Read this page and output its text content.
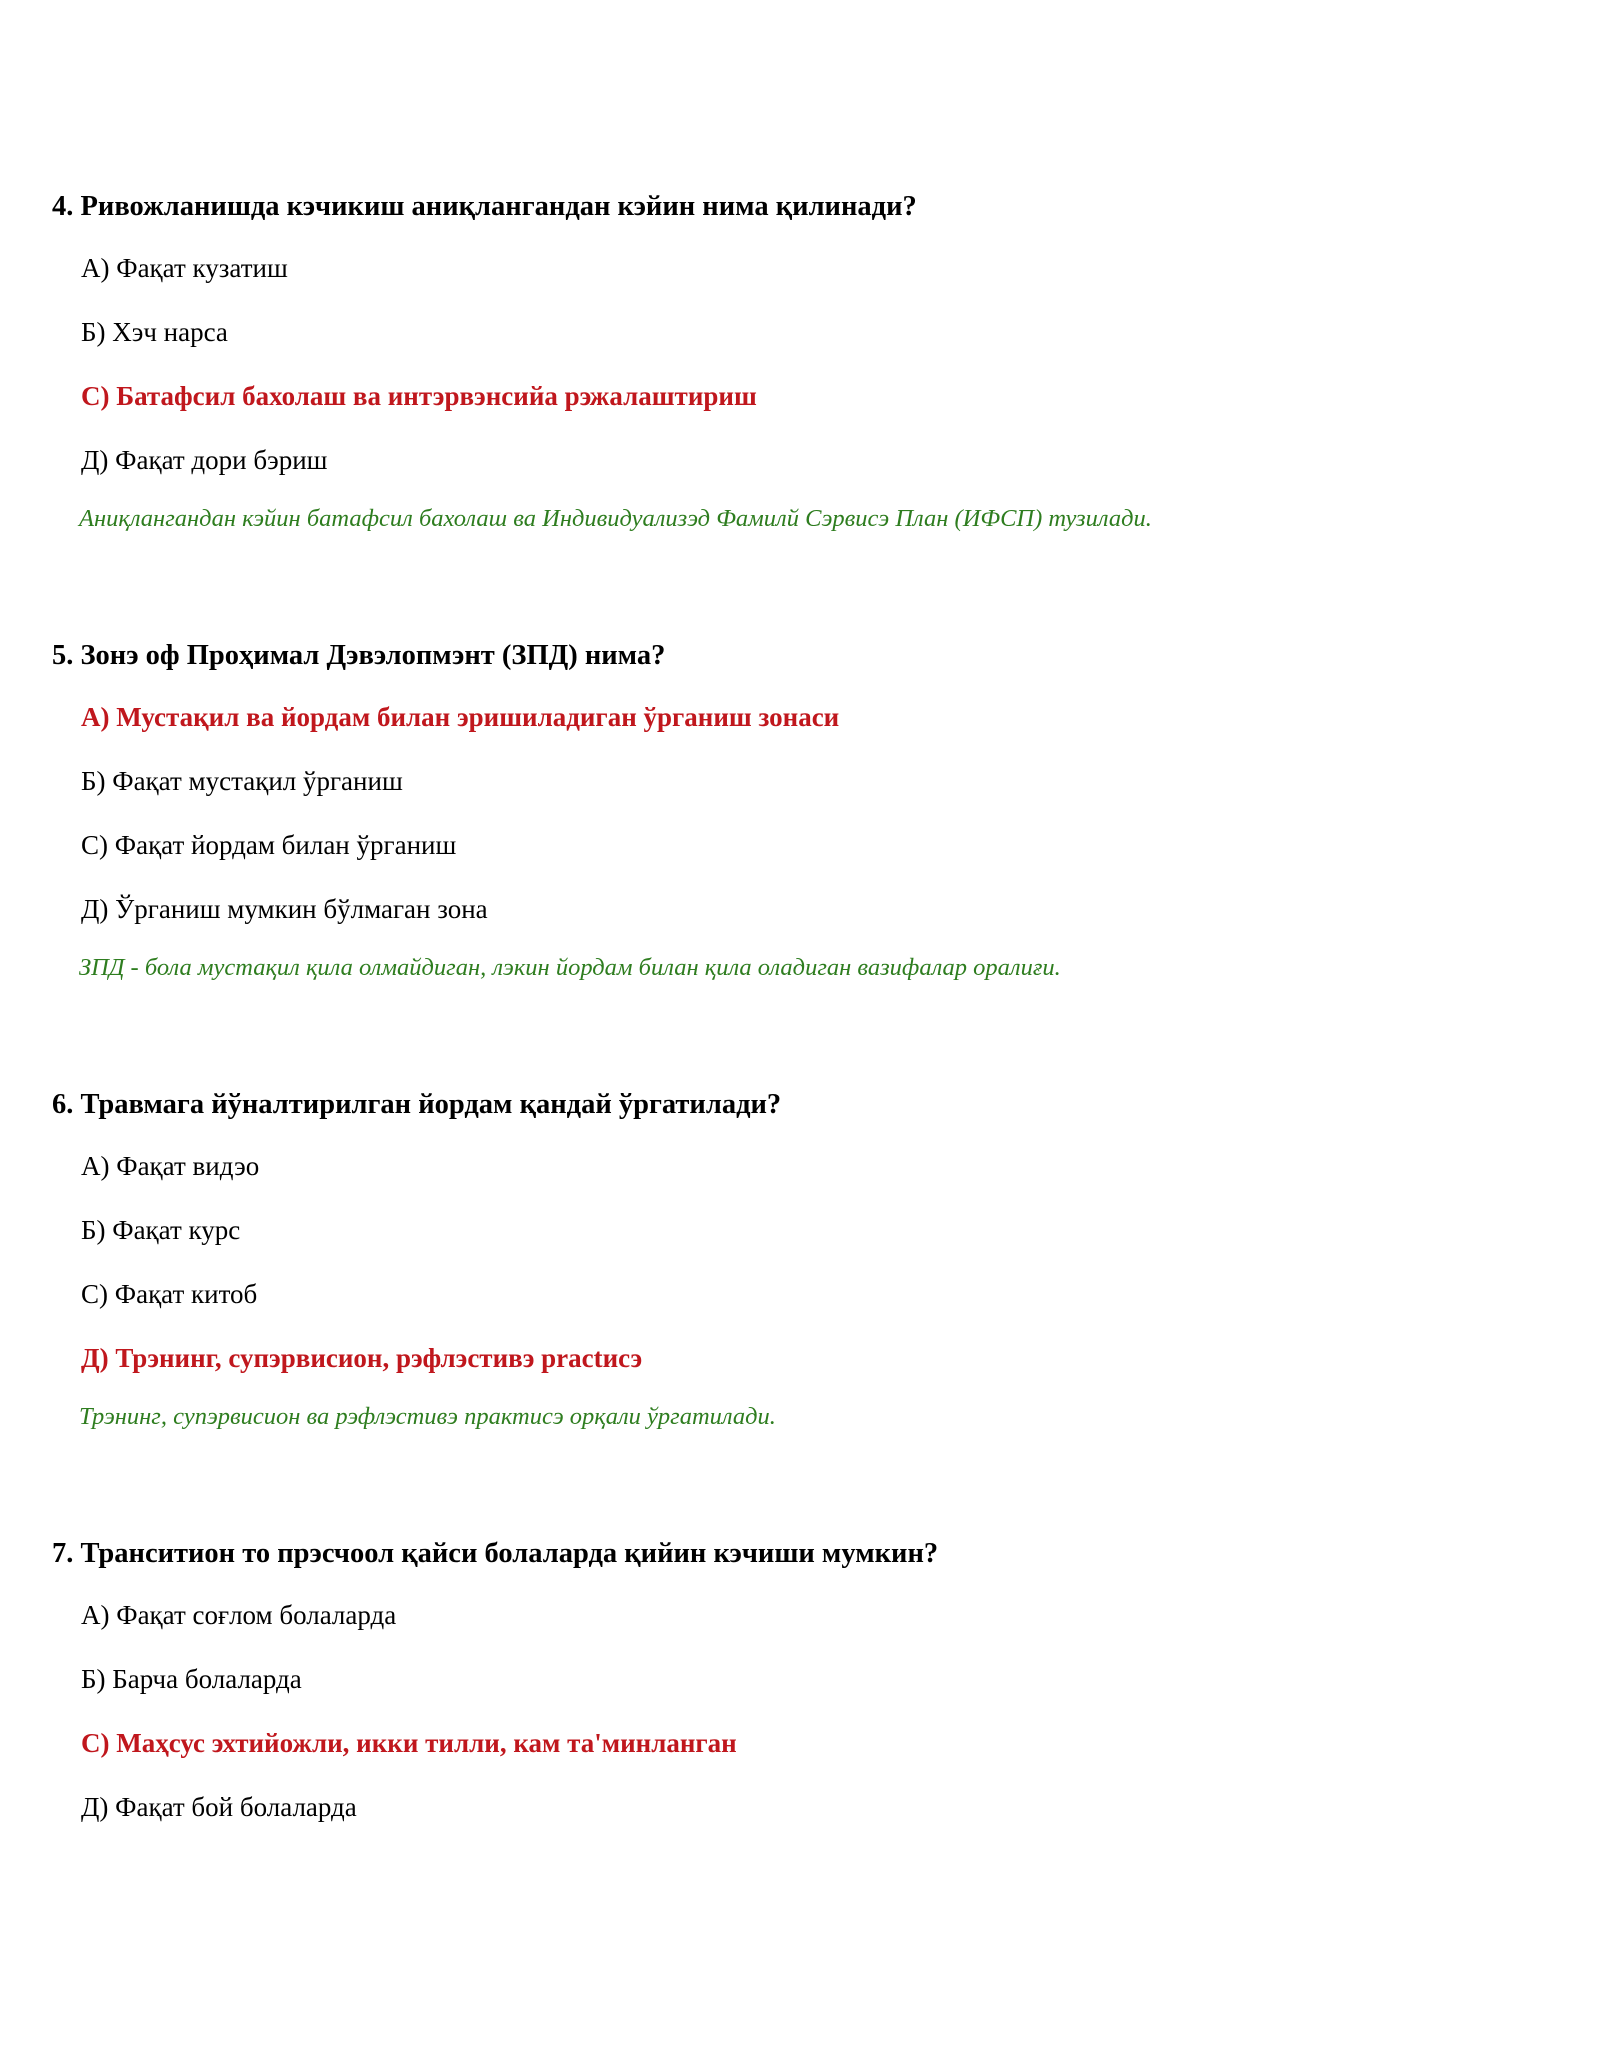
4. Ривожланишда кэчикиш аниқлангандан кэйин нима қилинади?
А) Фақат кузатиш
Б) Хэч нарса
С) Батафсил бахолаш ва интэрвэнсийа рэжалаштириш
Д) Фақат дори бэриш
Аниқлангандан кэйин батафсил бахолаш ва Индивидуализэд Фамилй Сэрвисэ План (ИФСП) тузилади.
5. Зонэ оф Проҳимал Дэвэлопмэнт (ЗПД) нима?
А) Мустақил ва йордам билан эришиладиган ўрганиш зонаси
Б) Фақат мустақил ўрганиш
С) Фақат йордам билан ўрганиш
Д) Ўрганиш мумкин бўлмаган зона
ЗПД - бола мустақил қила олмайдиган, лэкин йордам билан қила оладиган вазифалар оралиғи.
6. Травмага йўналтирилган йордам қандай ўргатилади?
А) Фақат видэо
Б) Фақат курс
С) Фақат китоб
Д) Трэнинг, супэрвисион, рэфлэстивэ practисэ
Трэнинг, супэрвисион ва рэфлэстивэ практисэ орқали ўргатилади.
7. Транситион то прэсчоол қайси болаларда қийин кэчиши мумкин?
А) Фақат соғлом болаларда
Б) Барча болаларда
С) Маҳсус эхтийожли, икки тилли, кам та'минланган
Д) Фақат бой болаларда
